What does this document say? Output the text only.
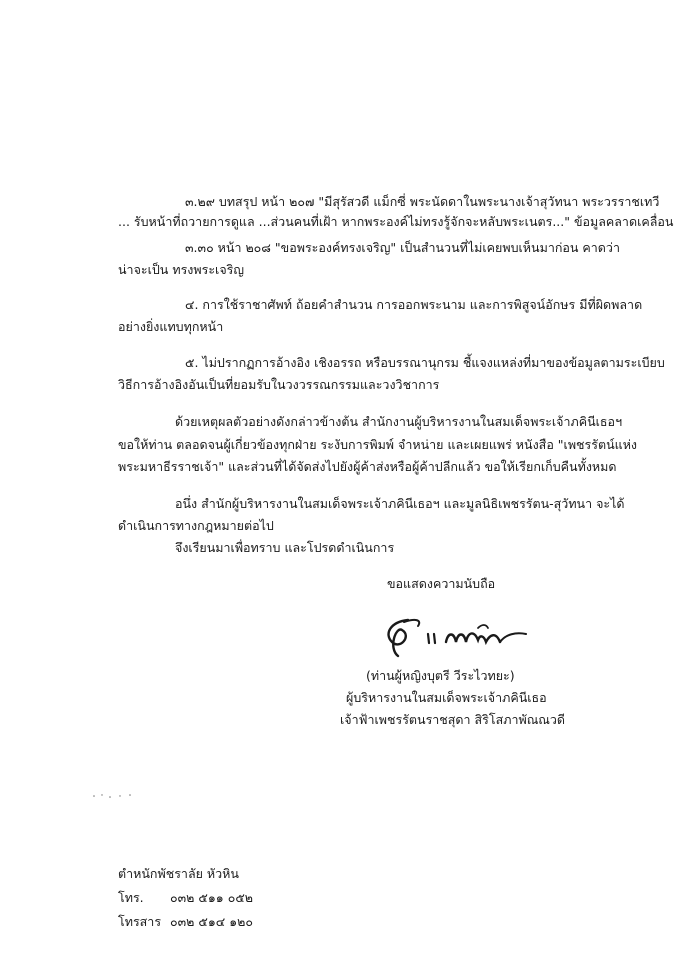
๓.๒๙ บทสรุป หน้า ๒๐๗ "มีสุรัสวดี แม็กซี่ พระนัดดาในพระนางเจ้าสุวัทนา พระวรราชเทวี
... รับหน้าที่ถวายการดูแล ...ส่วนคนที่เฝ้า หากพระองค์ไม่ทรงรู้จักจะหลับพระเนตร..." ข้อมูลคลาดเคลื่อน
๓.๓๐ หน้า ๒๐๘ "ขอพระองค์ทรงเจริญ" เป็นสำนวนที่ไม่เคยพบเห็นมาก่อน คาดว่า
น่าจะเป็น ทรงพระเจริญ
๔. การใช้ราชาศัพท์ ถ้อยคำสำนวน การออกพระนาม และการพิสูจน์อักษร มีที่ผิดพลาด
อย่างยิ่งแทบทุกหน้า
๕. ไม่ปรากฏการอ้างอิง เชิงอรรถ หรือบรรณานุกรม ชี้แจงแหล่งที่มาของข้อมูลตามระเบียบ
วิธีการอ้างอิงอันเป็นที่ยอมรับในวงวรรณกรรมและวงวิชาการ
ด้วยเหตุผลตัวอย่างดังกล่าวข้างต้น สำนักงานผู้บริหารงานในสมเด็จพระเจ้าภคินีเธอฯ
ขอให้ท่าน ตลอดจนผู้เกี่ยวข้องทุกฝ่าย ระงับการพิมพ์ จำหน่าย และเผยแพร่ หนังสือ "เพชรรัตน์แห่ง
พระมหาธีรราชเจ้า" และส่วนที่ได้จัดส่งไปยังผู้ค้าส่งหรือผู้ค้าปลีกแล้ว ขอให้เรียกเก็บคืนทั้งหมด
อนึ่ง สำนักผู้บริหารงานในสมเด็จพระเจ้าภคินีเธอฯ และมูลนิธิเพชรรัตน-สุวัทนา จะได้
ดำเนินการทางกฎหมายต่อไป
จึงเรียนมาเพื่อทราบ และโปรดดำเนินการ
ขอแสดงความนับถือ
(ท่านผู้หญิงบุตรี วีระไวทยะ)
ผู้บริหารงานในสมเด็จพระเจ้าภคินีเธอ
เจ้าฟ้าเพชรรัตนราชสุดา สิริโสภาพัณณวดี
ตำหนักพัชราลัย หัวหิน
โทร. ๐๓๒ ๕๑๑ ๐๕๒
โทรสาร ๐๓๒ ๕๑๔ ๑๒๐
